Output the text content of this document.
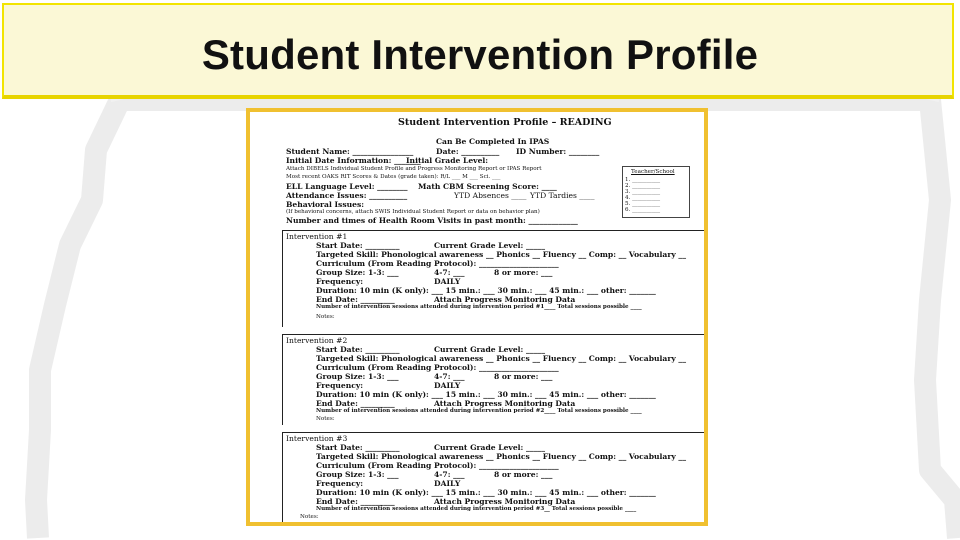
Student Intervention Profile
Student Intervention Profile – READING
Can Be Completed In IPAS
Student Name: ________________	Date: __________ ID Number: ________
Initial Date Information: _______
Initial Grade Level:
Attach DIBELS Individual Student Profile and Progress Monitoring Report or IPAS Report
Most recent OAKS RIT Scores & Dates (grade taken): R/L ___ M ___ Sci. ___
ELL Language Level: ________ Math CBM Screening Score: ____
Attendance Issues: __________	YTD Absences ____ YTD Tardies ____
Behavioral Issues:
(If behavioral concerns, attach SWIS Individual Student Report or data on behavior plan)
Number and times of Health Room Visits in past month: _____________
Teacher/School
1. __________
2. __________
3. __________
4. __________
5. __________
6. __________
Intervention #1
Start Date: _________	Current Grade Level: _____
Targeted Skill: Phonological awareness __ Phonics __ Fluency __ Comp: __ Vocabulary __
Curriculum (From Reading Protocol): _____________________
Group Size: 1-3: ___	4-7: ___	8 or more: ___
Frequency:	DAILY
Duration: 10 min (K only): ___ 15 min.: ___ 30 min.: ___ 45 min.: ___ other: _______
End Date: _________	Attach Progress Monitoring Data
Number of intervention sessions attended during intervention period #1____ Total sessions possible ____
Notes:
Intervention #2
Start Date: _________	Current Grade Level: _____
Targeted Skill: Phonological awareness __ Phonics __ Fluency __ Comp: __ Vocabulary __
Curriculum (From Reading Protocol): _____________________
Group Size: 1-3: ___	4-7: ___	8 or more: ___
Frequency:	DAILY
Duration: 10 min (K only): ___ 15 min.: ___ 30 min.: ___ 45 min.: ___ other: _______
End Date: _________	Attach Progress Monitoring Data
Number of intervention sessions attended during intervention period #2____ Total sessions possible ____
Notes:
Intervention #3
Start Date: _________	Current Grade Level: _____
Targeted Skill: Phonological awareness __ Phonics __ Fluency __ Comp: __ Vocabulary __
Curriculum (From Reading Protocol): _____________________
Group Size: 1-3: ___	4-7: ___	8 or more: ___
Frequency:	DAILY
Duration: 10 min (K only): ___ 15 min.: ___ 30 min.: ___ 45 min.: ___ other: _______
End Date: _________	Attach Progress Monitoring Data
Number of intervention sessions attended during intervention period #3__ Total sessions possible ____
Notes:
